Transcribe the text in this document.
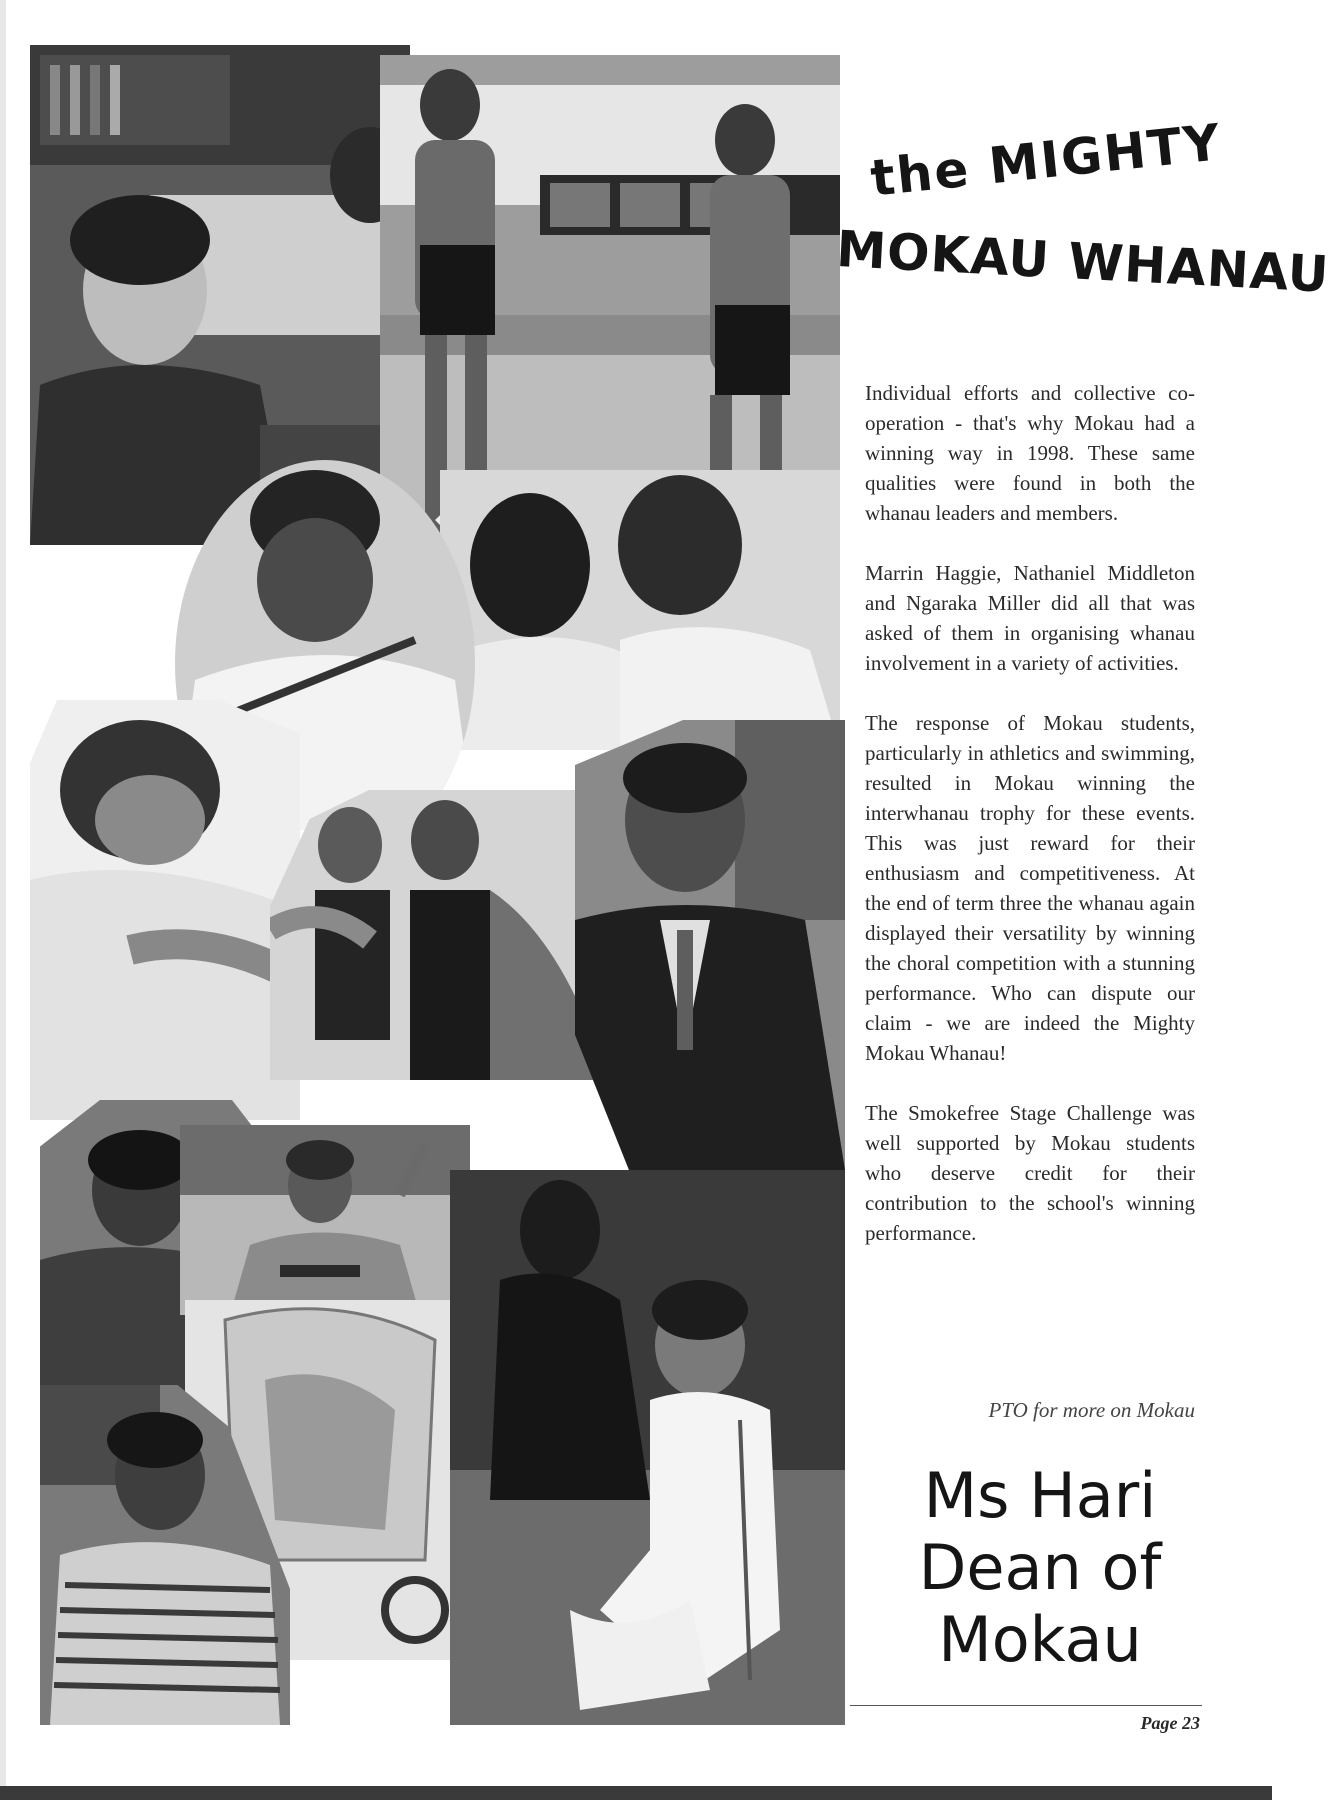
the MIGHTY
MOKAU WHANAU

Individual efforts and collective co-operation - that's why Mokau had a winning way in 1998. These same qualities were found in both the whanau leaders and members.

Marrin Haggie, Nathaniel Middleton and Ngaraka Miller did all that was asked of them in organising whanau involvement in a variety of activities.

The response of Mokau students, particularly in athletics and swimming, resulted in Mokau winning the interwhanau trophy for these events. This was just reward for their enthusiasm and competitiveness. At the end of term three the whanau again displayed their versatility by winning the choral competition with a stunning performance. Who can dispute our claim - we are indeed the Mighty Mokau Whanau!

The Smokefree Stage Challenge was well supported by Mokau students who deserve credit for their contribution to the school's winning performance.

PTO for more on Mokau
Ms Hari
Dean of
Mokau
Page 23
